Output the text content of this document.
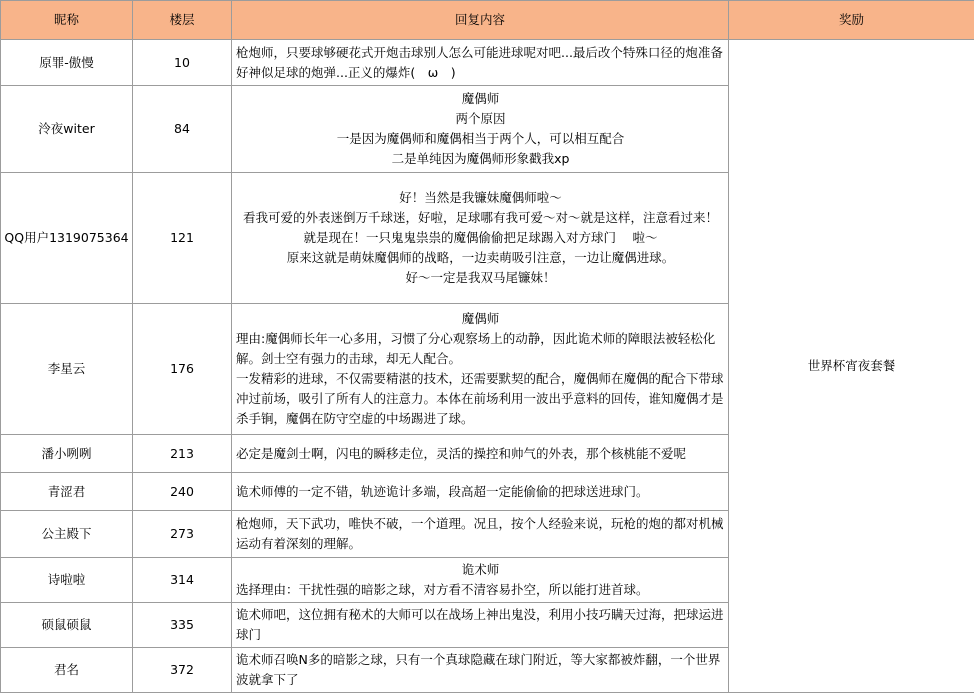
昵称	楼层	回复内容	奖励
原罪-傲慢	10	枪炮师，只要球够硬花式开炮击球别人怎么可能进球呢对吧...最后改个特殊口径的炮准备好神似足球的炮弹...正义的爆炸(　ω　)	世界杯宵夜套餐
泠夜witer	84	魔偶师
两个原因
一是因为魔偶师和魔偶相当于两个人，可以相互配合
二是单纯因为魔偶师形象戳我xp	

QQ用户1319075364	121	好！当然是我镰妹魔偶师啦～
看我可爱的外表迷倒万千球迷，好啦，足球哪有我可爱～对～就是这样，注意看过来！
就是现在！一只鬼鬼祟祟的魔偶偷偷把足球踢入对方球门　 啦～
原来这就是萌妹魔偶师的战略，一边卖萌吸引注意，一边让魔偶进球。
好～一定是我双马尾镰妹！	

李星云	176	魔偶师
理由:魔偶师长年一心多用，习惯了分心观察场上的动静，因此诡术师的障眼法被轻松化解。剑士空有强力的击球，却无人配合。
一发精彩的进球，不仅需要精湛的技术，还需要默契的配合，魔偶师在魔偶的配合下带球冲过前场，吸引了所有人的注意力。本体在前场利用一波出乎意料的回传，谁知魔偶才是杀手锏，魔偶在防守空虚的中场踢进了球。	

潘小咧咧	213	必定是魔剑士啊，闪电的瞬移走位，灵活的操控和帅气的外表，那个核桃能不爱呢	

青涩君	240	诡术师傅的一定不错，轨迹诡计多端，段高超一定能偷偷的把球送进球门。	

公主殿下	273	枪炮师，天下武功，唯快不破，一个道理。况且，按个人经验来说，玩枪的炮的都对机械运动有着深刻的理解。	

诗啦啦	314	诡术师
选择理由：干扰性强的暗影之球，对方看不清容易扑空，所以能打进首球。	

硕鼠硕鼠	335	诡术师吧，这位拥有秘术的大师可以在战场上神出鬼没，利用小技巧瞒天过海，把球运进球门	

君名	372	诡术师召唤N多的暗影之球，只有一个真球隐藏在球门附近，等大家都被炸翻，一个世界波就拿下了	
